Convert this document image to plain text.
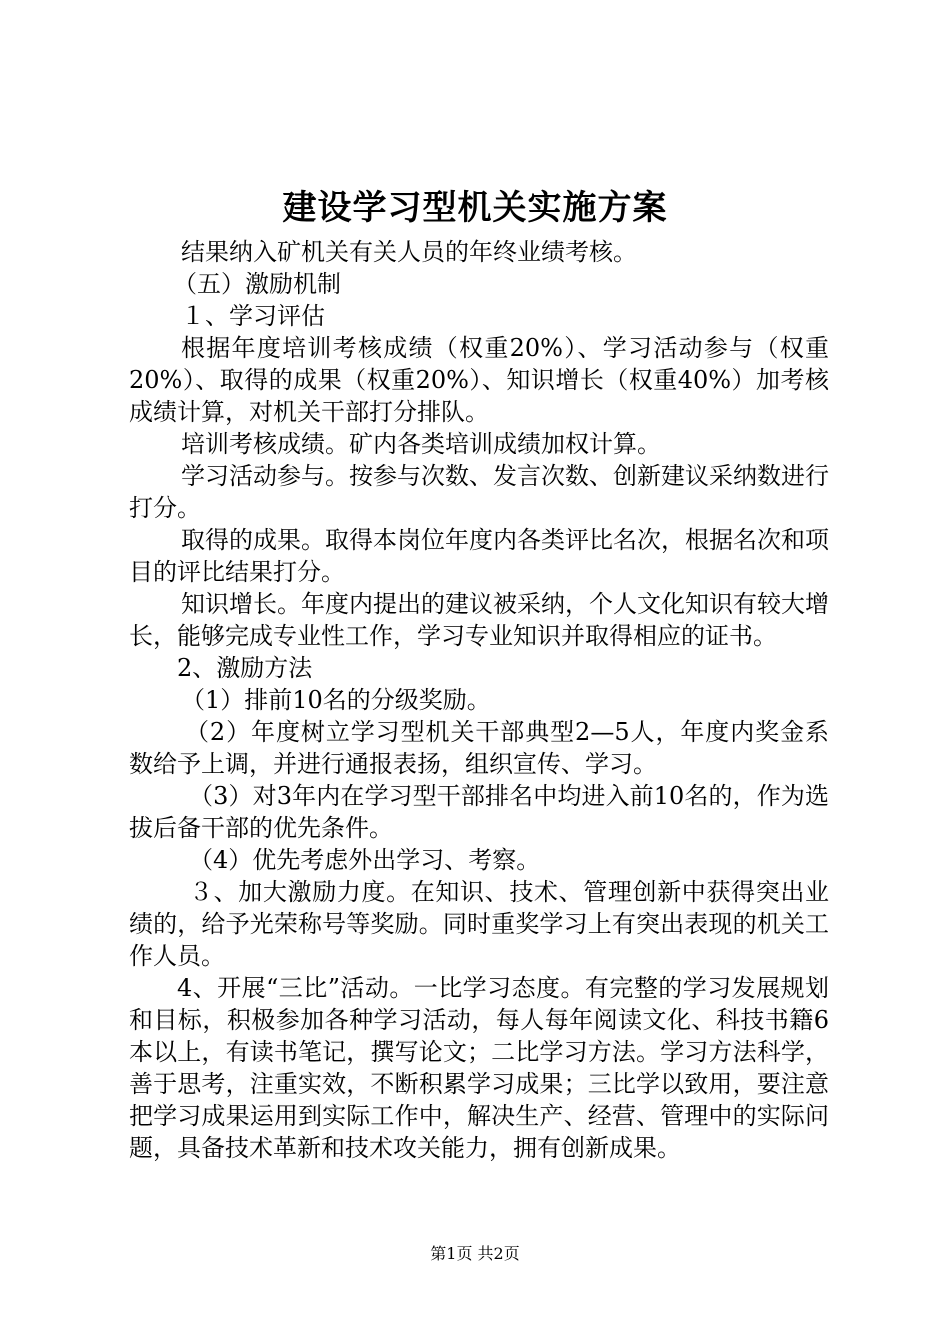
建设学习型机关实施方案

结果纳入矿机关有关人员的年终业绩考核。

（五）激励机制

１、学习评估

根据年度培训考核成绩（权重20%）、学习活动参与（权重20%）、取得的成果（权重20%）、知识增长（权重40%）加考核成绩计算，对机关干部打分排队。

培训考核成绩。矿内各类培训成绩加权计算。

学习活动参与。按参与次数、发言次数、创新建议采纳数进行打分。

取得的成果。取得本岗位年度内各类评比名次，根据名次和项目的评比结果打分。

知识增长。年度内提出的建议被采纳，个人文化知识有较大增长，能够完成专业性工作，学习专业知识并取得相应的证书。

2、激励方法

（1）排前10名的分级奖励。

（2）年度树立学习型机关干部典型2—5人，年度内奖金系数给予上调，并进行通报表扬，组织宣传、学习。

（3）对3年内在学习型干部排名中均进入前10名的，作为选拔后备干部的优先条件。

（4）优先考虑外出学习、考察。

３、加大激励力度。在知识、技术、管理创新中获得突出业绩的，给予光荣称号等奖励。同时重奖学习上有突出表现的机关工作人员。

4、开展“三比”活动。一比学习态度。有完整的学习发展规划和目标，积极参加各种学习活动，每人每年阅读文化、科技书籍6本以上，有读书笔记，撰写论文；二比学习方法。学习方法科学，善于思考，注重实效，不断积累学习成果；三比学以致用，要注意把学习成果运用到实际工作中，解决生产、经营、管理中的实际问题，具备技术革新和技术攻关能力，拥有创新成果。

第1页 共2页
